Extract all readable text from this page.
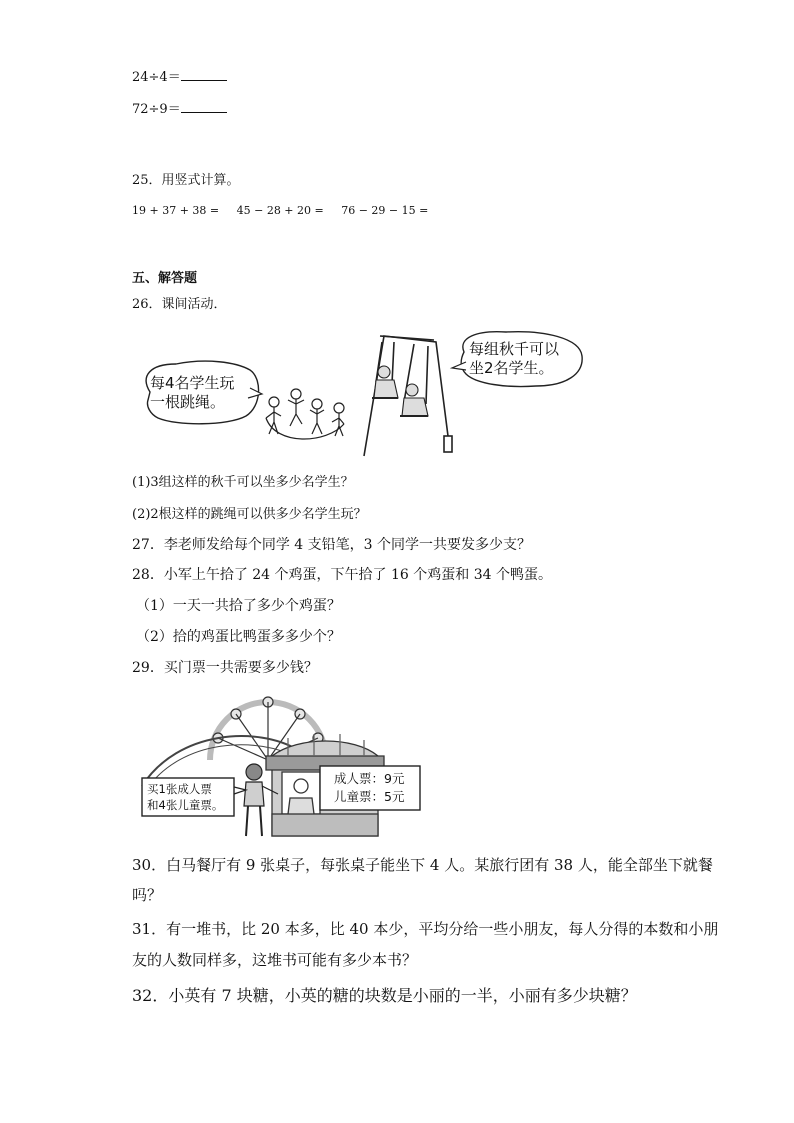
24÷4＝
72÷9＝
25．用竖式计算。
19 + 37 + 38 =     45 − 28 + 20 =     76 − 29 − 15 =
五、解答题
26．课间活动．
每4名学生玩
一根跳绳。
每组秋千可以
坐2名学生。
(1)3组这样的秋千可以坐多少名学生？
(2)2根这样的跳绳可以供多少名学生玩？
27．李老师发给每个同学 4 支铅笔，3 个同学一共要发多少支？
28．小军上午拾了 24 个鸡蛋，下午拾了 16 个鸡蛋和 34 个鸭蛋。
（1）一天一共拾了多少个鸡蛋？
（2）拾的鸡蛋比鸭蛋多多少个？
29．买门票一共需要多少钱？
买1张成人票
和4张儿童票。
成人票：9元
儿童票：5元
30．白马餐厅有 9 张桌子，每张桌子能坐下 4 人。某旅行团有 38 人，能全部坐下就餐
吗？
31．有一堆书，比 20 本多，比 40 本少，平均分给一些小朋友，每人分得的本数和小朋
友的人数同样多，这堆书可能有多少本书？
32．小英有 7 块糖，小英的糖的块数是小丽的一半，小丽有多少块糖？
